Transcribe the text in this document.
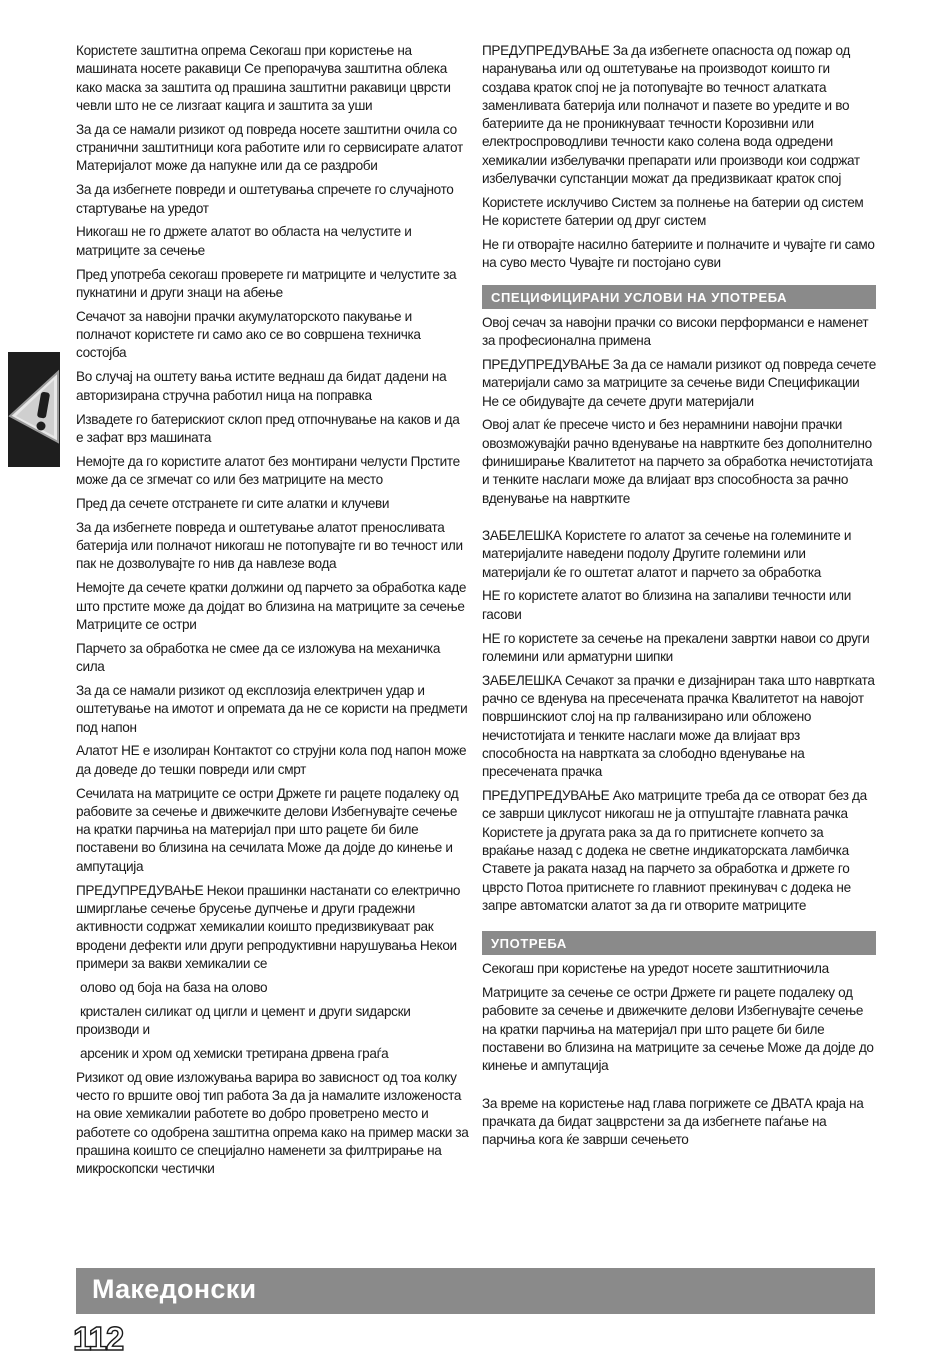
Користете заштитна опрема Секогаш при користење на машината носете ракавици Се препорачува заштитна облека како маска за заштита од прашина заштитни ракавици цврсти чевли што не се лизгаат кацига и заштита за уши

За да се намали ризикот од повреда носете заштитни очила со странични заштитници кога работите или го сервисирате алатот Материјалот може да напукне или да се раздроби

За да избегнете повреди и оштетувања спречете го случајното стартување на уредот

Никогаш не го држете алатот во областа на челустите и матриците за сечење

Пред употреба секогаш проверете ги матриците и челустите за пукнатини и други знаци на абење

Сечачот за навојни прачки акумулаторското пакување и полначот користете ги само ако се во совршена техничка состојба

Во случај на оштету вања истите веднаш да бидат дадени на авторизирана стручна работил ница на поправка

Извадете го батерискиот склоп пред отпочнување на каков и да е зафат врз машината

Немојте да го користите алатот без монтирани челусти Прстите може да се згмечат со или без матриците на место

Пред да сечете отстранете ги сите алатки и клучеви

За да избегнете повреда и оштетување алатот преносливата батерија или полначот никогаш не потопувајте ги во течност или пак не дозволувајте го нив да навлезе вода

Немојте да сечете кратки должини од парчето за обработка каде што прстите може да дојдат во близина на матриците за сечење Матриците се остри

Парчето за обработка не смее да се изложува на механичка сила

За да се намали ризикот од експлозија електричен удар и оштетување на имотот и опремата да не се користи на предмети под напон

Алатот НЕ е изолиран Контактот со струјни кола под напон може да доведе до тешки повреди или смрт

Сечилата на матриците се остри Држете ги рацете подалеку од рабовите за сечење и движечките делови Избегнувајте сечење на кратки парчиња на материјал при што рацете би биле поставени во близина на сечилата Може да дојде до кинење и ампутација

ПРЕДУПРЕДУВАЊЕ Некои прашинки настанати со електрично шмирглање сечење брусење дупчење и други градежни активности содржат хемикалии коишто предизвикуваат рак вродени дефекти или други репродуктивни нарушувања Некои примери за вакви хемикалии се

олово од боја на база на олово

кристален силикат од цигли и цемент и други ѕидарски производи и

арсеник и хром од хемиски третирана дрвена граѓа

Ризикот од овие изложувања варира во зависност од тоа колку често го вршите овој тип работа За да ја намалите изложеноста на овие хемикалии работете во добро проветрено место и работете со одобрена заштитна опрема како на пример маски за прашина коишто се специјално наменети за филтрирање на микроскопски честички

ПРЕДУПРЕДУВАЊЕ За да избегнете опасноста од пожар од наранувања или од оштетување на производот коишто ги создава краток спој не ја потопувајте во течност алатката заменливата батерија или полначот и пазете во уредите и во батериите да не проникнуваат течности Корозивни или електроспроводливи течности како солена вода одредени хемикалии избелувачки препарати или производи кои содржат избелувачки супстанции можат да предизвикаат краток спој

Користете исклучиво Систем за полнење на батерии од систем Не користете батерии од друг систем

Не ги отворајте насилно батериите и полначите и чувајте ги само на суво место Чувајте ги постојано суви

СПЕЦИФИЦИРАНИ УСЛОВИ НА УПОТРЕБА

Овој сечач за навојни прачки со високи перформанси е наменет за професионална примена

ПРЕДУПРЕДУВАЊЕ За да се намали ризикот од повреда сечете материјали само за матриците за сечење види Спецификации Не се обидувајте да сечете други материјали

Овој алат ќе пресече чисто и без нерамнини навојни прачки овозможувајќи рачно вденување на навртките без дополнително финиширање Квалитетот на парчето за обработка нечистотијата и тенките наслаги може да влијаат врз способноста за рачно вденување на навртките

ЗАБЕЛЕШКА Користете го алатот за сечење на големините и материјалите наведени подолу Другите големини или материјали ќе го оштетат алатот и парчето за обработка

НЕ го користете алатот во близина на запаливи течности или гасови

НЕ го користете за сечење на прекалени завртки навои со други големини или арматурни шипки

ЗАБЕЛЕШКА Сечакот за прачки е дизајниран така што навртката рачно се вденува на пресечената прачка Квалитетот на навојот површинскиот слој на пр галванизирано или обложено нечистотијата и тенките наслаги може да влијаат врз способноста на навртката за слободно вденување на пресечената прачка

ПРЕДУПРЕДУВАЊЕ Ако матриците треба да се отворат без да се заврши циклусот никогаш не ја отпуштајте главната рачка Користете ја другата рака за да го притиснете копчето за враќање назад с додека не светне индикаторската ламбичка Ставете ја раката назад на парчето за обработка и држете го цврсто Потоа притиснете го главниот прекинувач с додека не запре автоматски алатот за да ги отворите матриците

УПОТРЕБА

Секогаш при користење на уредот носете заштитниочила

Матриците за сечење се остри Држете ги рацете подалеку од рабовите за сечење и движечките делови Избегнувајте сечење на кратки парчиња на материјал при што рацете би биле поставени во близина на матриците за сечење Може да дојде до кинење и ампутација

За време на користење над глава погрижете се ДВАТА краја на прачката да бидат зацврстени за да избегнете паѓање на парчиња кога ќе заврши сечењето

Македонски
112
